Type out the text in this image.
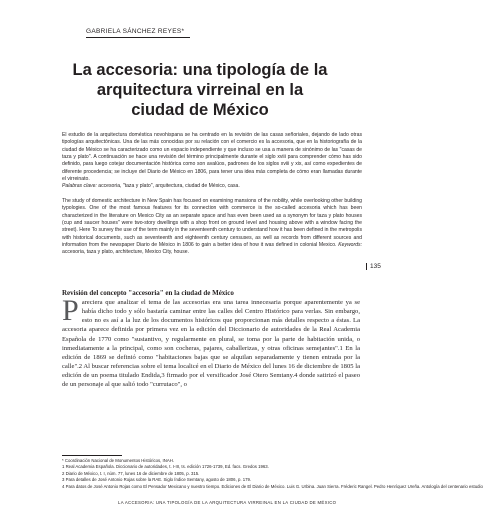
GABRIELA SÁNCHEZ REYES*
La accesoria: una tipología de la arquitectura virreinal en la ciudad de México
El estudio de la arquitectura doméstica novohispana se ha centrado en la revisión de las casas señoriales, dejando de lado otras tipologías arquitectónicas. Una de las más conocidas por su relación con el comercio es la accesoria, que en la historiografía de la ciudad de México se ha caracterizado como un espacio independiente y que incluso se usa a manera de sinónimo de las "casas de taza y plato". A continuación se hace una revisión del término principalmente durante el siglo xviii para comprender cómo has sido definido, para luego cotejar documentación histórica como son avalúos, padrones de los siglos xviii y xix, así como expedientes de diferente procedencia; se incluye del Diario de México en 1806, para tener una idea más completa de cómo eran llamadas durante el virreinato.
Palabras clave: accesoria, "taza y plato", arquitectura, ciudad de México, casa.
The study of domestic architecture in New Spain has focused on examining mansions of the nobility, while overlooking other building typologies. One of the most famous features for its connection with commerce is the so-called accesoria which has been characterized in the literature on Mexico City as an separate space and has even been used as a synonym for taza y plato houses (cup and saucer houses" were two-story dwellings with a shop front on ground level and housing above with a window facing the street). Here To survey the use of the term mainly in the seventeenth century to understand how it has been defined in the metropolis with historical documents, such as seventeenth and eighteenth century censuses, as well as records from different sources and information from the newspaper Diario de México in 1806 to gain a better idea of how it was defined in colonial Mexico. Keywords: accesoria, taza y plato, architecture, Mexico City, house.
135
Revisión del concepto "accesoria" en la ciudad de México
Pareciera que analizar el tema de las accesorias era una tarea innecesaria porque aparentemente ya se había dicho todo y sólo bastaría caminar entre las calles del Centro Histórico para verlas. Sin embargo, esto no es así a la luz de los documentos históricos que proporcionan más detalles respecto a éstas. La accesoria aparece definida por primera vez en la edición del Diccionario de autoridades de la Real Academia Española de 1770 como "sustantivo, y regularmente en plural, se toma por la parte de habitación unida, o inmediatamente a la principal, como son cocheras, pajares, caballerizas, y otras oficinas semejantes".1 En la edición de 1869 se definió como "habitaciones bajas que se alquilan separadamente y tienen entrada por la calle".2 Al buscar referencias sobre el tema localicé en el Diario de México del lunes 16 de diciembre de 1805 la edición de un poema titulado Endida,3 firmado por el versificador José Otero Semtany.4 donde satirizó el paseo de un personaje al que salió todo "currutaco", o
* Coordinación Nacional de Monumentos Históricos, INAH.
1 Real Academia Española. Diccionario de autoridades, t. I-III, ts. edición 1726-1739, Ed. facs. Gredos 1963.
2 Diario de México, t. I, núm. 77, lunes 16 de diciembre de 1805, p. 315.
3 Para detalles de José Antonio Rojas sobre la RAE. Siglo Índice Semtany, agosto de 1806, p. 179.
4 Para datos de José Antonio Rojas como El Pensador Mexicano y nuestro tiempo. Ediciones de El Diario de México. Luis G. Urbina. Juan Sierra. Fréderic Rangel. Pedro Henríquez Ureña. Antología del centenario estudio
LA ACCESORIA: UNA TIPOLOGÍA DE LA ARQUITECTURA VIRREINAL EN LA CIUDAD DE MÉXICO
